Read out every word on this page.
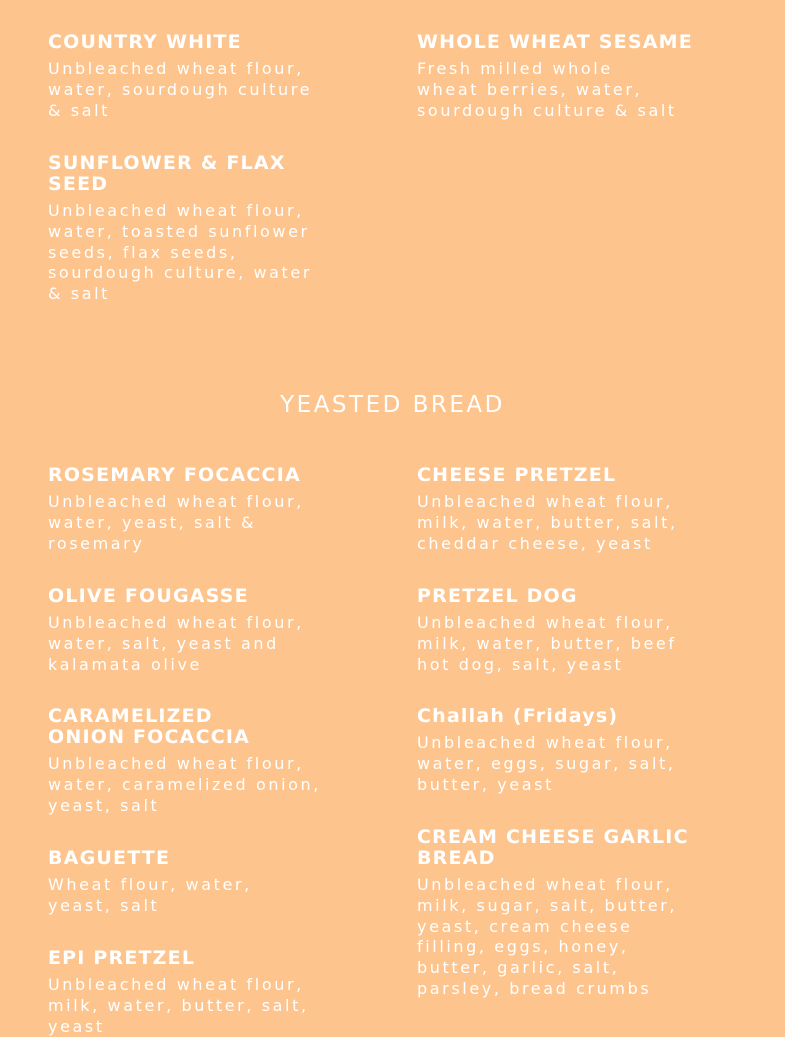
COUNTRY WHITE

Unbleached wheat flour, water, sourdough culture & salt

SUNFLOWER & FLAX SEED

Unbleached wheat flour, water, toasted sunflower seeds, flax seeds, sourdough culture, water & salt

WHOLE WHEAT SESAME

Fresh milled whole wheat berries, water, sourdough culture & salt

YEASTED BREAD
ROSEMARY FOCACCIA

Unbleached wheat flour, water, yeast, salt & rosemary

OLIVE FOUGASSE

Unbleached wheat flour, water, salt, yeast and kalamata olive

CARAMELIZED ONION FOCACCIA

Unbleached wheat flour, water, caramelized onion, yeast, salt

BAGUETTE

Wheat flour, water, yeast, salt

EPI PRETZEL

Unbleached wheat flour, milk, water, butter, salt, yeast

CHEESE PRETZEL

Unbleached wheat flour, milk, water, butter, salt, cheddar cheese, yeast

PRETZEL DOG

Unbleached wheat flour, milk, water, butter, beef hot dog, salt, yeast

Challah (Fridays)

Unbleached wheat flour, water, eggs, sugar, salt, butter, yeast

CREAM CHEESE GARLIC BREAD

Unbleached wheat flour, milk, sugar, salt, butter, yeast, cream cheese filling, eggs, honey, butter, garlic, salt, parsley, bread crumbs
